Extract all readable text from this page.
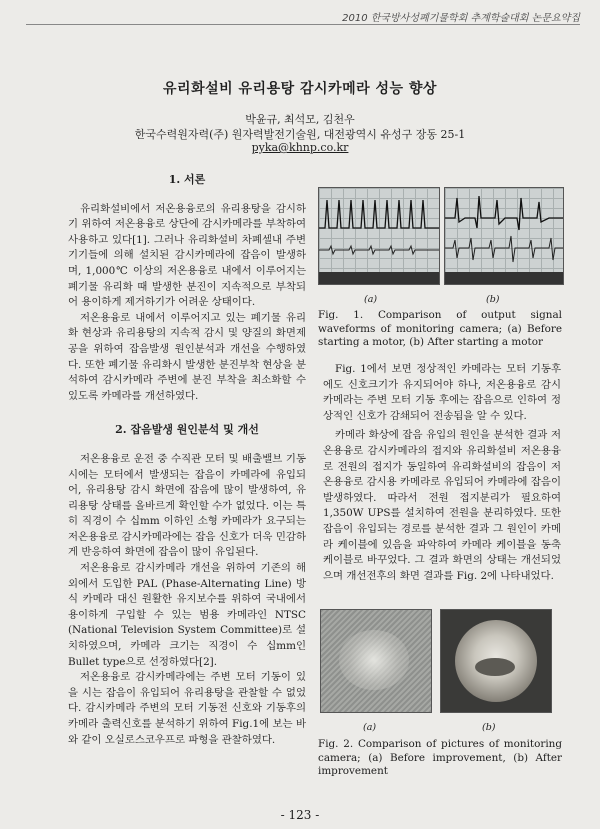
2010 한국방사성폐기물학회 추계학술대회 논문요약집
유리화설비 유리용탕 감시카메라 성능 향상
박윤규, 최석모, 김천우
한국수력원자력(주) 원자력발전기술원, 대전광역시 유성구 장동 25-1
pyka@khnp.co.kr

1. 서론

유리화설비에서 저온용융로의 유리용탕을 감시하기 위하여 저온용융로 상단에 감시카메라를 부착하여 사용하고 있다[1]. 그러나 유리화설비 차폐셀내 주변기기들에 의해 설치된 감시카메라에 잡음이 발생하며, 1,000℃ 이상의 저온용융로 내에서 이루어지는 폐기물 유리화 때 발생한 분진이 지속적으로 부착되어 용이하게 제거하기가 어려운 상태이다.

저온용융로 내에서 이루어지고 있는 폐기물 유리화 현상과 유리용탕의 지속적 감시 및 양질의 화면제공을 위하여 잡음발생 원인분석과 개선을 수행하였다. 또한 폐기물 유리화시 발생한 분진부착 현상을 분석하여 감시카메라 주변에 분진 부착을 최소화할 수 있도록 카메라를 개선하였다.

2. 잡음발생 원인분석 및 개선

저온용융로 운전 중 수직관 모터 및 배출밸브 기동시에는 모터에서 발생되는 잡음이 카메라에 유입되어, 유리용탕 감시 화면에 잡음에 많이 발생하여, 유리용탕 상태를 올바르게 확인할 수가 없었다. 이는 특히 직경이 수 십mm 이하인 소형 카메라가 요구되는 저온용융로 감시카메라에는 잡음 신호가 더욱 민감하게 반응하여 화면에 잡음이 많이 유입된다.

저온용융로 감시카메라 개선을 위하여 기존의 해외에서 도입한 PAL (Phase-Alternating Line) 방식 카메라 대신 원활한 유지보수를 위하여 국내에서 용이하게 구입할 수 있는 범용 카메라인 NTSC (National Television System Committee)로 설치하였으며, 카메라 크기는 직경이 수 십mm인 Bullet type으로 선정하였다[2].

저온용융로 감시카메라에는 주변 모터 기동이 있을 시는 잡음이 유입되어 유리용탕을 관찰할 수 없었다. 감시카메라 주변의 모터 기동전 신호와 기동후의 카메라 출력신호를 분석하기 위하여 Fig.1에 보는 바와 같이 오실로스코우프로 파형을 관찰하였다.

(a)	(b)
Fig. 1. Comparison of output signal waveforms of monitoring camera; (a) Before starting a motor, (b) After starting a motor

Fig. 1에서 보면 정상적인 카메라는 모터 기동후에도 신호크기가 유지되어야 하나, 저온용융로 감시 카메라는 주변 모터 기동 후에는 잡음으로 인하여 정상적인 신호가 감쇄되어 전송됨을 알 수 있다.

카메라 화상에 잡음 유입의 원인을 분석한 결과 저온용융로 감시카메라의 접지와 유리화설비 저온용융로 전원의 접지가 동일하여 유리화설비의 잡음이 저온용융로 감시용 카메라로 유입되어 카메라에 잡음이 발생하였다. 따라서 전원 접지분리가 필요하여 1,350W UPS를 설치하여 전원을 분리하였다. 또한 잡음이 유입되는 경로를 분석한 결과 그 원인이 카메라 케이블에 있음을 파악하여 카메라 케이블을 동축케이블로 바꾸었다. 그 결과 화면의 상태는 개선되었으며 개선전후의 화면 결과를 Fig. 2에 나타내었다.

(a)	(b)
Fig. 2. Comparison of pictures of monitoring camera; (a) Before improvement, (b) After improvement
- 123 -
